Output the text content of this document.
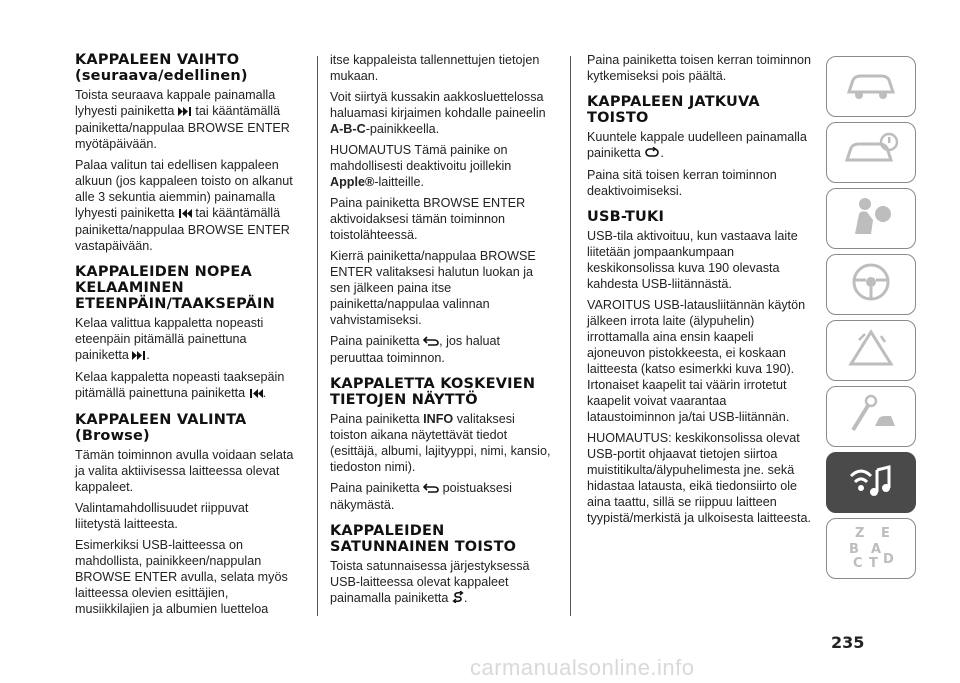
KAPPALEEN VAIHTO (seuraava/edellinen)

Toista seuraava kappale painamalla lyhyesti painiketta tai kääntämällä painiketta/nappulaa BROWSE ENTER myötäpäivään.

Palaa valitun tai edellisen kappaleen alkuun (jos kappaleen toisto on alkanut alle 3 sekuntia aiemmin) painamalla lyhyesti painiketta tai kääntämällä painiketta/nappulaa BROWSE ENTER vastapäivään.

KAPPALEIDEN NOPEA KELAAMINEN ETEENPÄIN/TAAKSEPÄIN

Kelaa valittua kappaletta nopeasti eteenpäin pitämällä painettuna painiketta .

Kelaa kappaletta nopeasti taaksepäin pitämällä painettuna painiketta .

KAPPALEEN VALINTA (Browse)

Tämän toiminnon avulla voidaan selata ja valita aktiivisessa laitteessa olevat kappaleet.

Valintamahdollisuudet riippuvat liitetystä laitteesta.

Esimerkiksi USB-laitteessa on mahdollista, painikkeen/nappulan BROWSE ENTER avulla, selata myös laitteessa olevien esittäjien, musiikkilajien ja albumien luetteloa

itse kappaleista tallennettujen tietojen mukaan.

Voit siirtyä kussakin aakkosluettelossa haluamasi kirjaimen kohdalle paineelin A-B-C-painikkeella.

HUOMAUTUS Tämä painike on mahdollisesti deaktivoitu joillekin Apple®-laitteille.

Paina painiketta BROWSE ENTER aktivoidaksesi tämän toiminnon toistolähteessä.

Kierrä painiketta/nappulaa BROWSE ENTER valitaksesi halutun luokan ja sen jälkeen paina itse painiketta/nappulaa valinnan vahvistamiseksi.

Paina painiketta , jos haluat peruuttaa toiminnon.

KAPPALETTA KOSKEVIEN TIETOJEN NÄYTTÖ

Paina painiketta INFO valitaksesi toiston aikana näytettävät tiedot (esittäjä, albumi, lajityyppi, nimi, kansio, tiedoston nimi).

Paina painiketta poistuaksesi näkymästä.

KAPPALEIDEN SATUNNAINEN TOISTO

Toista satunnaisessa järjestyksessä USB-laitteessa olevat kappaleet painamalla painiketta .

Paina painiketta toisen kerran toiminnon kytkemiseksi pois päältä.

KAPPALEEN JATKUVA TOISTO

Kuuntele kappale uudelleen painamalla painiketta .

Paina sitä toisen kerran toiminnon deaktivoimiseksi.

USB-TUKI

USB-tila aktivoituu, kun vastaava laite liitetään jompaankumpaan keskikonsolissa kuva 190 olevasta kahdesta USB-liitännästä.

VAROITUS USB-latausliitännän käytön jälkeen irrota laite (älypuhelin) irrottamalla aina ensin kaapeli ajoneuvon pistokkeesta, ei koskaan laitteesta (katso esimerkki kuva 190). Irtonaiset kaapelit tai väärin irrotetut kaapelit voivat vaarantaa lataustoiminnon ja/tai USB-liitännän.

HUOMAUTUS: keskikonsolissa olevat USB-portit ohjaavat tietojen siirtoa muistitikulta/älypuhelimesta jne. sekä hidastaa latausta, eikä tiedonsiirto ole aina taattu, sillä se riippuu laitteen tyypistä/merkistä ja ulkoisesta laitteesta.

Z E
B A
C T D
235
carmanualsonline.info
